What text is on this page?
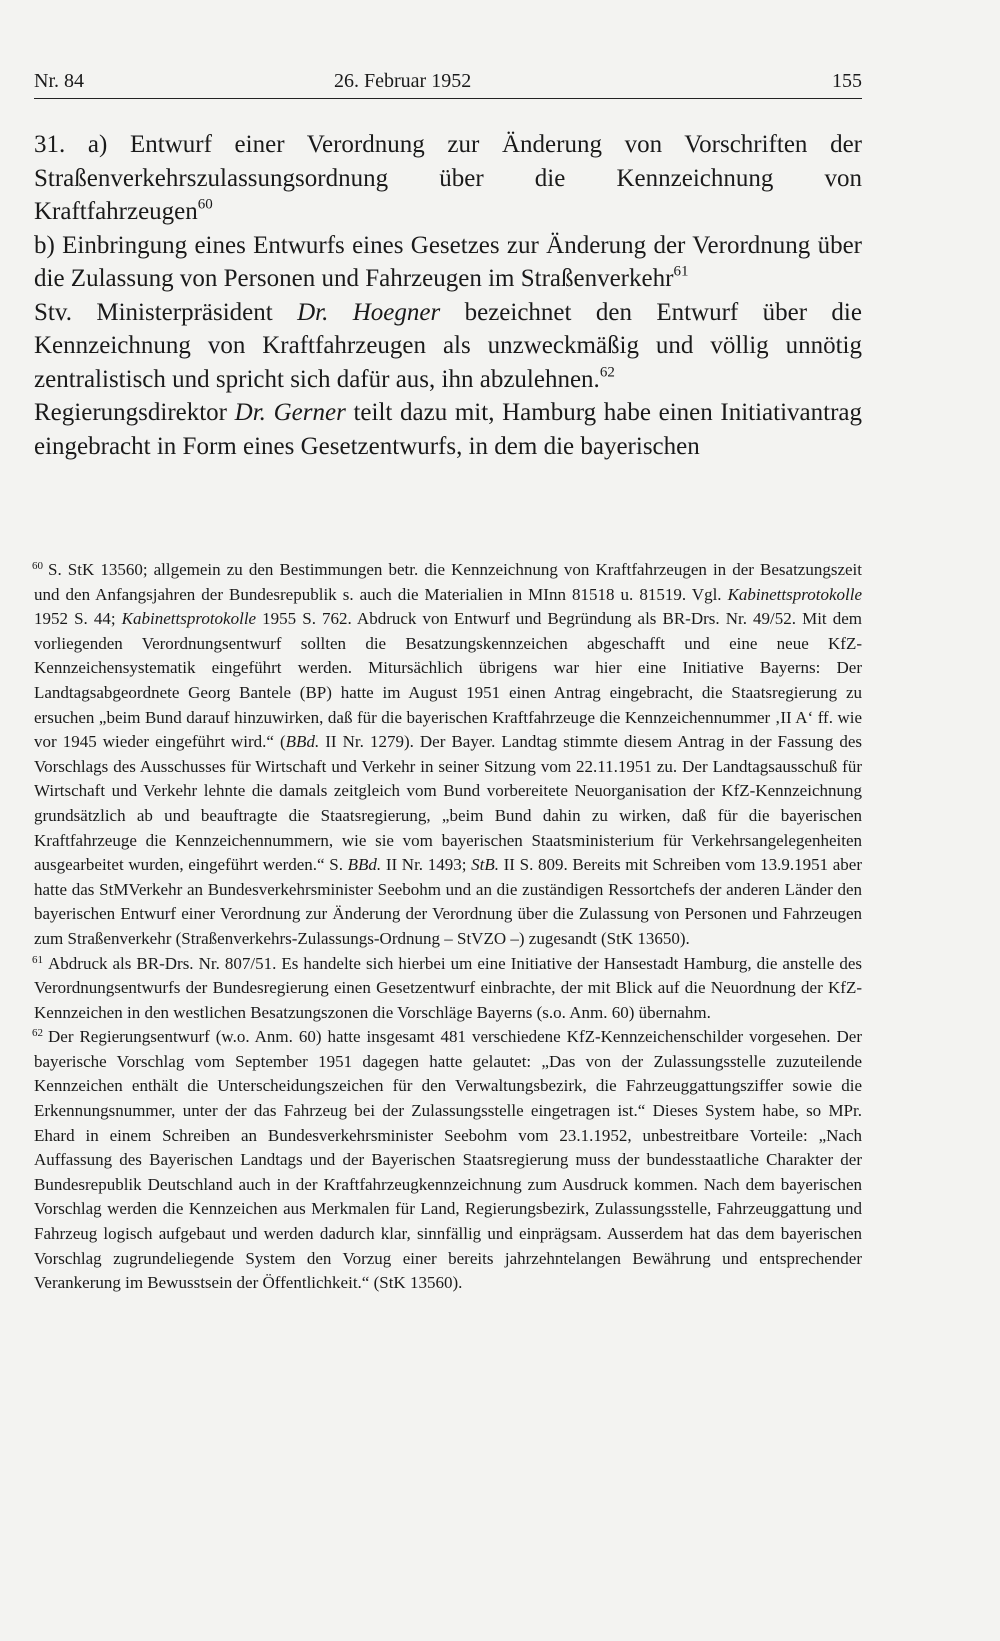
Nr. 84	26. Februar 1952	155

31. a) Entwurf einer Verordnung zur Änderung von Vorschriften der Straßenverkehrszulassungsordnung über die Kennzeichnung von Kraftfahrzeugen$^{60}$

b) Einbringung eines Entwurfs eines Gesetzes zur Änderung der Verordnung über die Zulassung von Personen und Fahrzeugen im Straßenverkehr$^{61}$

Stv. Ministerpräsident Dr. Hoegner bezeichnet den Entwurf über die Kennzeichnung von Kraftfahrzeugen als unzweckmäßig und völlig unnötig zentralistisch und spricht sich dafür aus, ihn abzulehnen.$^{62}$

Regierungsdirektor Dr. Gerner teilt dazu mit, Hamburg habe einen Initiativantrag eingebracht in Form eines Gesetzentwurfs, in dem die bayerischen

60 S. StK 13560; allgemein zu den Bestimmungen betr. die Kennzeichnung von Kraftfahrzeugen in der Besatzungszeit und den Anfangsjahren der Bundesrepublik s. auch die Materialien in MInn 81518 u. 81519. Vgl. Kabinettsprotokolle 1952 S. 44; Kabinettsprotokolle 1955 S. 762. Abdruck von Entwurf und Begründung als BR-Drs. Nr. 49/52. Mit dem vorliegenden Verordnungsentwurf sollten die Besatzungskennzeichen abgeschafft und eine neue KfZ-Kennzeichensystematik eingeführt werden. Mitursächlich übrigens war hier eine Initiative Bayerns: Der Landtagsabgeordnete Georg Bantele (BP) hatte im August 1951 einen Antrag eingebracht, die Staatsregierung zu ersuchen „beim Bund darauf hinzuwirken, daß für die bayerischen Kraftfahrzeuge die Kennzeichennummer ‚II A‘ ff. wie vor 1945 wieder eingeführt wird.“ (BBd. II Nr. 1279). Der Bayer. Landtag stimmte diesem Antrag in der Fassung des Vorschlags des Ausschusses für Wirtschaft und Verkehr in seiner Sitzung vom 22.11.1951 zu. Der Landtagsausschuß für Wirtschaft und Verkehr lehnte die damals zeitgleich vom Bund vorbereitete Neuorganisation der KfZ-Kennzeichnung grundsätzlich ab und beauftragte die Staatsregierung, „beim Bund dahin zu wirken, daß für die bayerischen Kraftfahrzeuge die Kennzeichennummern, wie sie vom bayerischen Staatsministerium für Verkehrsangelegenheiten ausgearbeitet wurden, eingeführt werden.“ S. BBd. II Nr. 1493; StB. II S. 809. Bereits mit Schreiben vom 13.9.1951 aber hatte das StMVerkehr an Bundesverkehrsminister Seebohm und an die zuständigen Ressortchefs der anderen Länder den bayerischen Entwurf einer Verordnung zur Änderung der Verordnung über die Zulassung von Personen und Fahrzeugen zum Straßenverkehr (Straßenverkehrs-Zulassungs-Ordnung – StVZO –) zugesandt (StK 13650).
61 Abdruck als BR-Drs. Nr. 807/51. Es handelte sich hierbei um eine Initiative der Hansestadt Hamburg, die anstelle des Verordnungsentwurfs der Bundesregierung einen Gesetzentwurf einbrachte, der mit Blick auf die Neuordnung der KfZ-Kennzeichen in den westlichen Besatzungszonen die Vorschläge Bayerns (s.o. Anm. 60) übernahm.
62 Der Regierungsentwurf (w.o. Anm. 60) hatte insgesamt 481 verschiedene KfZ-Kennzeichenschilder vorgesehen. Der bayerische Vorschlag vom September 1951 dagegen hatte gelautet: „Das von der Zulassungsstelle zuzuteilende Kennzeichen enthält die Unterscheidungszeichen für den Verwaltungsbezirk, die Fahrzeuggattungsziffer sowie die Erkennungsnummer, unter der das Fahrzeug bei der Zulassungsstelle eingetragen ist.“ Dieses System habe, so MPr. Ehard in einem Schreiben an Bundesverkehrsminister Seebohm vom 23.1.1952, unbestreitbare Vorteile: „Nach Auffassung des Bayerischen Landtags und der Bayerischen Staatsregierung muss der bundesstaatliche Charakter der Bundesrepublik Deutschland auch in der Kraftfahrzeugkennzeichnung zum Ausdruck kommen. Nach dem bayerischen Vorschlag werden die Kennzeichen aus Merkmalen für Land, Regierungsbezirk, Zulassungsstelle, Fahrzeuggattung und Fahrzeug logisch aufgebaut und werden dadurch klar, sinnfällig und einprägsam. Ausserdem hat das dem bayerischen Vorschlag zugrundeliegende System den Vorzug einer bereits jahrzehntelangen Bewährung und entsprechender Verankerung im Bewusstsein der Öffentlichkeit.“ (StK 13560).
